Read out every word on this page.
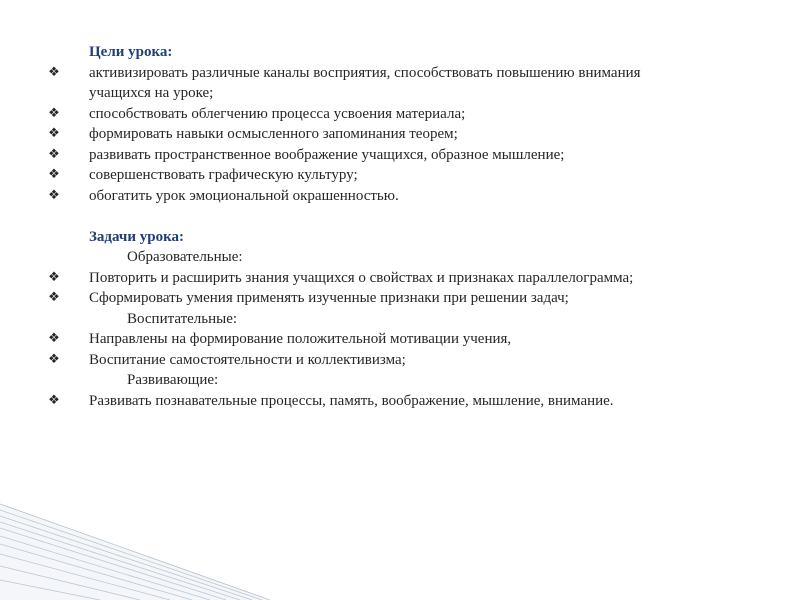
Цели урока:
❖ активизировать различные каналы восприятия, способствовать повышению внимания
учащихся на уроке;
❖ способствовать облегчению процесса усвоения материала;
❖ формировать навыки осмысленного запоминания теорем;
❖ развивать пространственное воображение учащихся, образное мышление;
❖ совершенствовать графическую культуру;
❖ обогатить урок эмоциональной окрашенностью.
Задачи урока:
Образовательные:
❖ Повторить и расширить знания учащихся о свойствах и признаках параллелограмма;
❖ Сформировать умения применять изученные признаки при решении задач;
Воспитательные:
❖ Направлены на формирование положительной мотивации учения,
❖ Воспитание самостоятельности и коллективизма;
Развивающие:
❖ Развивать познавательные процессы, память, воображение, мышление, внимание.
